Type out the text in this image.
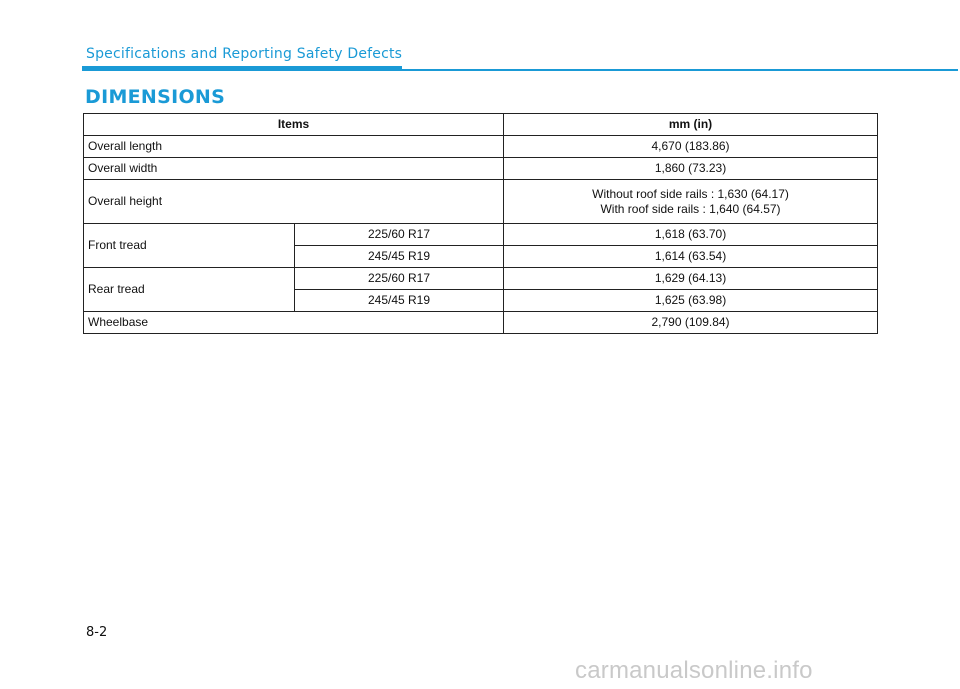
Specifications and Reporting Safety Defects
DIMENSIONS
Items		mm (in)
Overall length		4,670 (183.86)
Overall width		1,860 (73.23)
Overall height		Without roof side rails : 1,630 (64.17)
With roof side rails : 1,640 (64.57)

Front tread	225/60 R17	1,618 (63.70)
	245/45 R19	1,614 (63.54)
Rear tread	225/60 R17	1,629 (64.13)
	245/45 R19	1,625 (63.98)
Wheelbase		2,790 (109.84)
8-2
carmanualsonline.info
